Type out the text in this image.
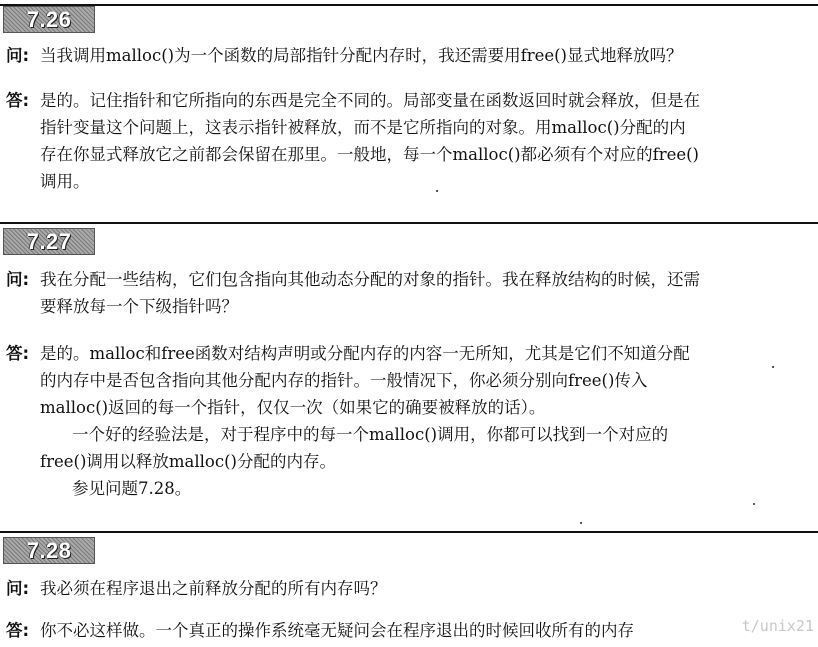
7.26
问: 当我调用malloc()为一个函数的局部指针分配内存时，我还需要用free()显式地释放吗？
答: 是的。记住指针和它所指向的东西是完全不同的。局部变量在函数返回时就会释放，但是在
指针变量这个问题上，这表示指针被释放，而不是它所指向的对象。用malloc()分配的内
存在你显式释放它之前都会保留在那里。一般地，每一个malloc()都必须有个对应的free()
调用。
7.27
问: 我在分配一些结构，它们包含指向其他动态分配的对象的指针。我在释放结构的时候，还需
要释放每一个下级指针吗？
答: 是的。malloc和free函数对结构声明或分配内存的内容一无所知，尤其是它们不知道分配
的内存中是否包含指向其他分配内存的指针。一般情况下，你必须分别向free()传入
malloc()返回的每一个指针，仅仅一次（如果它的确要被释放的话）。
一个好的经验法是，对于程序中的每一个malloc()调用，你都可以找到一个对应的
free()调用以释放malloc()分配的内存。
参见问题7.28。
7.28
问: 我必须在程序退出之前释放分配的所有内存吗？
答: 你不必这样做。一个真正的操作系统毫无疑问会在程序退出的时候回收所有的内存	t/unix21
